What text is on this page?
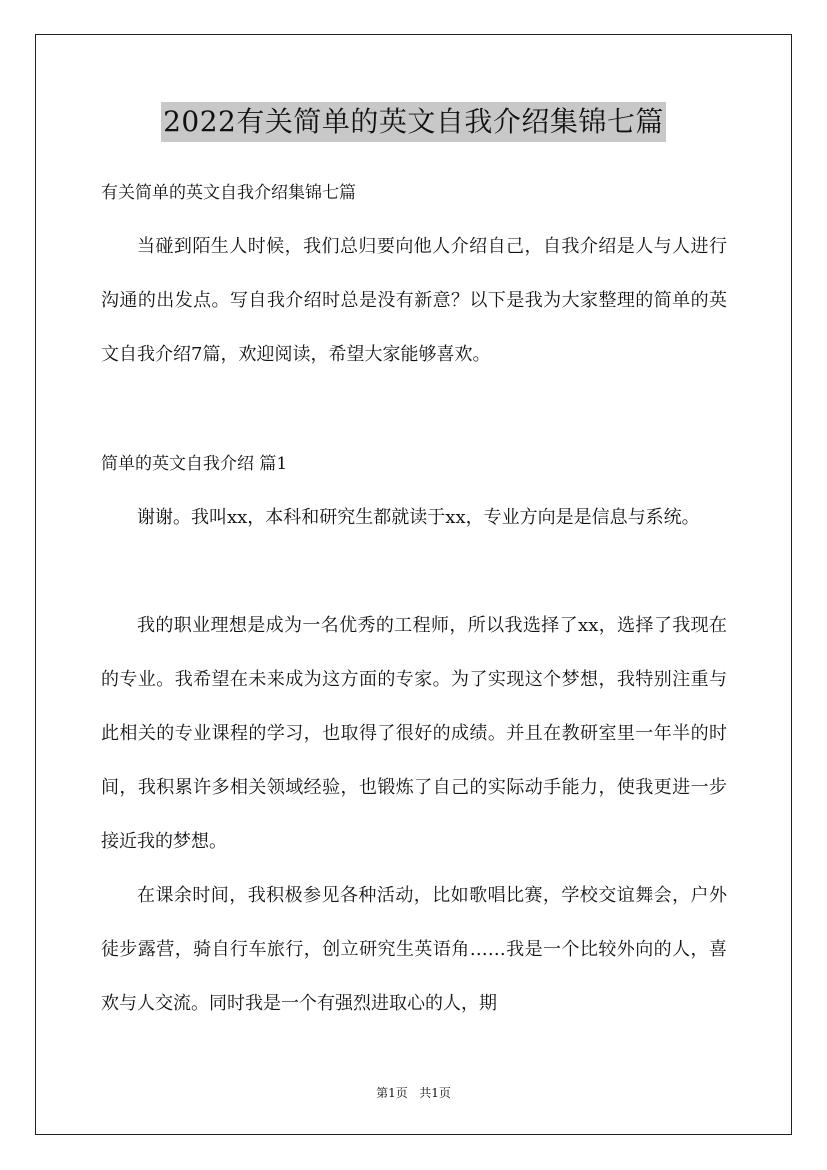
2022有关简单的英文自我介绍集锦七篇
有关简单的英文自我介绍集锦七篇

当碰到陌生人时候，我们总归要向他人介绍自己，自我介绍是人与人进行沟通的出发点。写自我介绍时总是没有新意？以下是我为大家整理的简单的英文自我介绍7篇，欢迎阅读，希望大家能够喜欢。

简单的英文自我介绍 篇1

谢谢。我叫xx，本科和研究生都就读于xx，专业方向是是信息与系统。

我的职业理想是成为一名优秀的工程师，所以我选择了xx，选择了我现在的专业。我希望在未来成为这方面的专家。为了实现这个梦想，我特别注重与此相关的专业课程的学习，也取得了很好的成绩。并且在教研室里一年半的时间，我积累许多相关领域经验，也锻炼了自己的实际动手能力，使我更进一步接近我的梦想。

在课余时间，我积极参见各种活动，比如歌唱比赛，学校交谊舞会，户外徒步露营，骑自行车旅行，创立研究生英语角……我是一个比较外向的人，喜欢与人交流。同时我是一个有强烈进取心的人，期

第1页 共1页
